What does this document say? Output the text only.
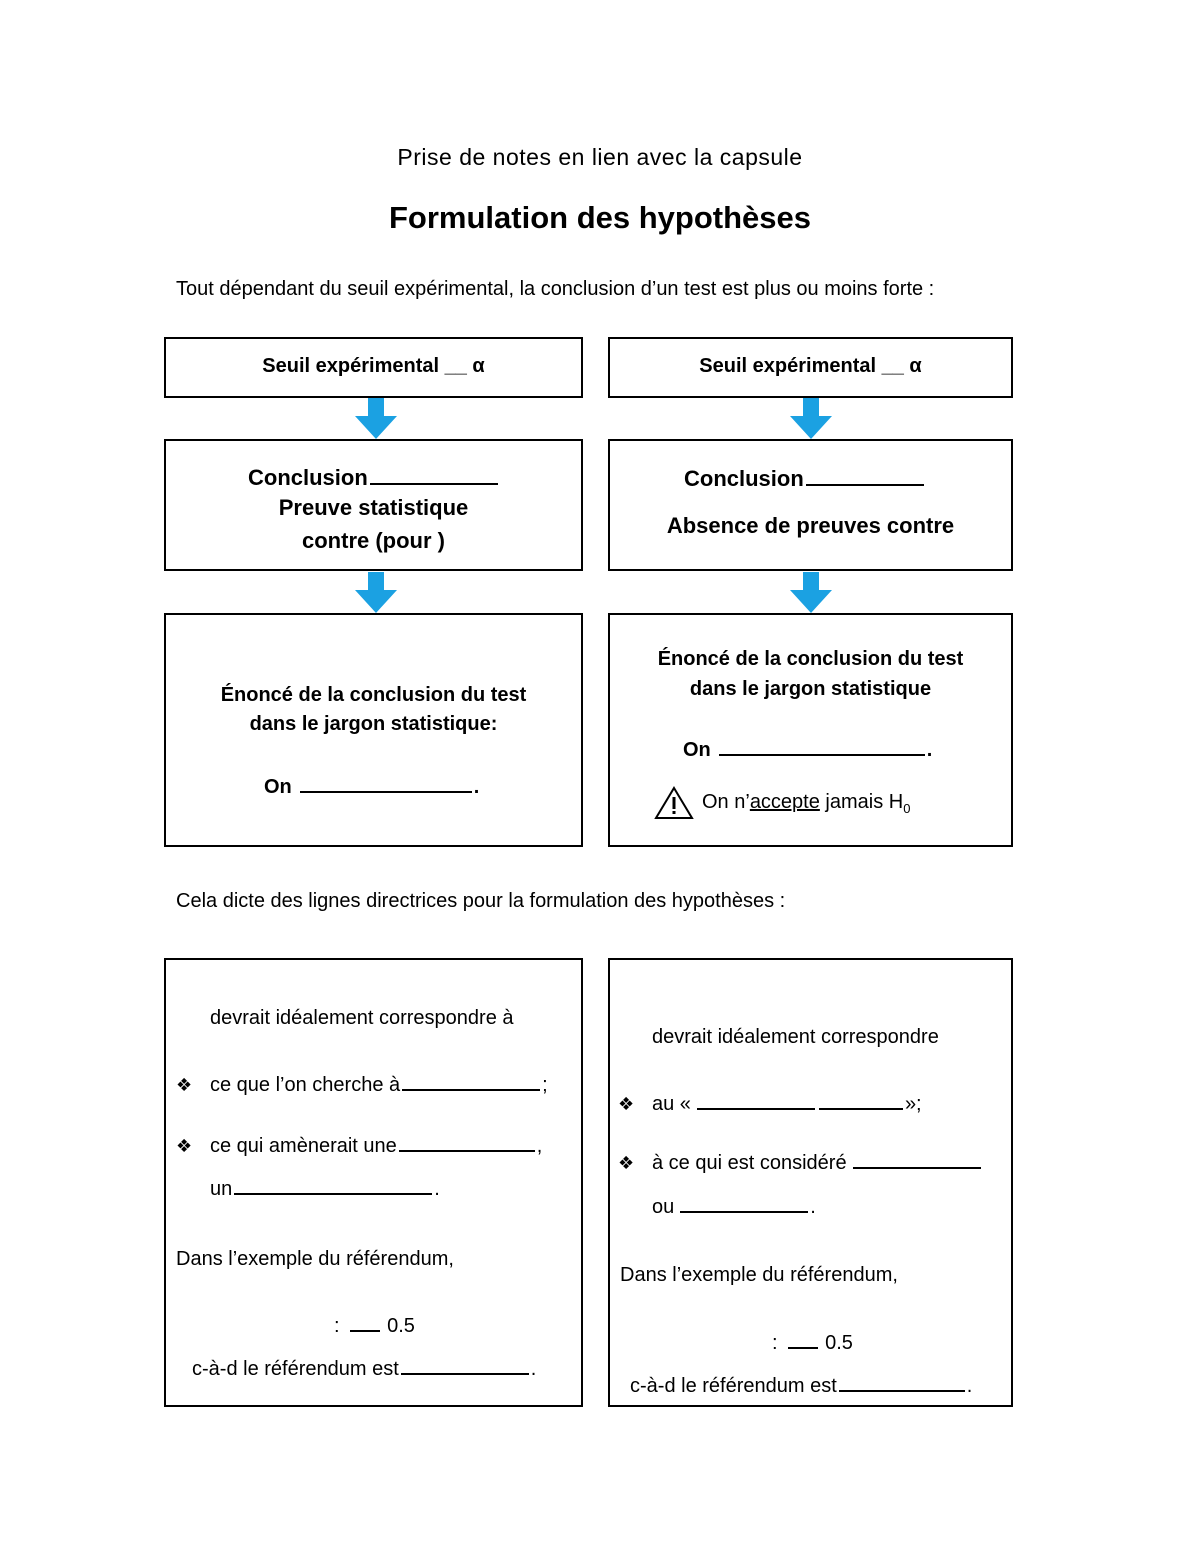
Prise de notes en lien avec la capsule
Formulation des hypothèses
Tout dépendant du seuil expérimental, la conclusion d’un test est plus ou moins forte :
Seuil expérimental __ α
Conclusion
Preuve statistique
contre (pour )
Énoncé de la conclusion du test
dans le jargon statistique:
On	.
Seuil expérimental __ α
Conclusion
Absence de preuves contre
Énoncé de la conclusion du test
dans le jargon statistique
On	.
On n’accepte jamais $H_0$
Cela dicte des lignes directrices pour la formulation des hypothèses :
devrait idéalement correspondre à
❖ ce que l’on cherche à	;
❖ ce qui amènerait une	,
un	.
Dans l’exemple du référendum,
: 0.5
c-à-d le référendum est	.
devrait idéalement correspondre
❖ au «	»;
❖ à ce qui est considéré
ou	.
Dans l’exemple du référendum,
: 0.5
c-à-d le référendum est	.
